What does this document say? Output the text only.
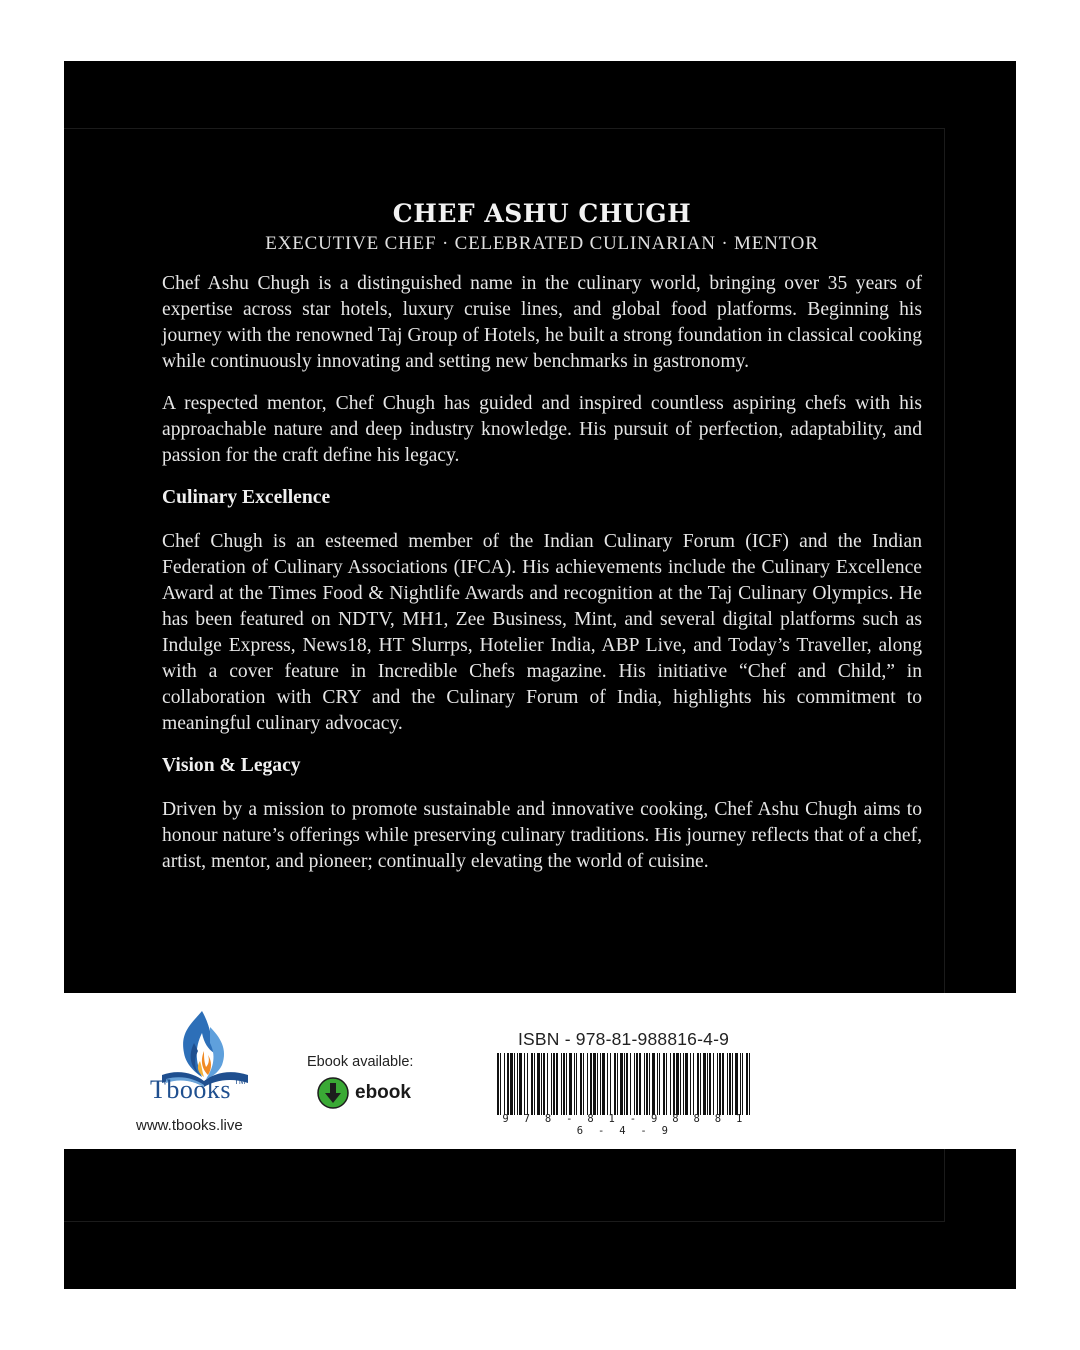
CHEF ASHU CHUGH

EXECUTIVE CHEF · CELEBRATED CULINARIAN · MENTOR

Chef Ashu Chugh is a distinguished name in the culinary world, bringing over 35 years of expertise across star hotels, luxury cruise lines, and global food platforms. Beginning his journey with the renowned Taj Group of Hotels, he built a strong foundation in classical cooking while continuously innovating and setting new benchmarks in gastronomy.

A respected mentor, Chef Chugh has guided and inspired countless aspiring chefs with his approachable nature and deep industry knowledge. His pursuit of perfection, adaptability, and passion for the craft define his legacy.

Culinary Excellence

Chef Chugh is an esteemed member of the Indian Culinary Forum (ICF) and the Indian Federation of Culinary Associations (IFCA). His achievements include the Culinary Excellence Award at the Times Food & Nightlife Awards and recognition at the Taj Culinary Olympics. He has been featured on NDTV, MH1, Zee Business, Mint, and several digital platforms such as Indulge Express, News18, HT Slurrps, Hotelier India, ABP Live, and Today’s Traveller, along with a cover feature in Incredible Chefs magazine. His initiative “Chef and Child,” in collaboration with CRY and the Culinary Forum of India, highlights his commitment to meaningful culinary advocacy.

Vision & Legacy

Driven by a mission to promote sustainable and innovative cooking, Chef Ashu Chugh aims to honour nature’s offerings while preserving culinary traditions. His journey reflects that of a chef, artist, mentor, and pioneer; continually elevating the world of cuisine.

Tbooks TM
www.tbooks.live
Ebook available:
ebook
ISBN - 978-81-988816-4-9
9 7 8 - 8 1 - 9 8 8 8 1 6 - 4 - 9
